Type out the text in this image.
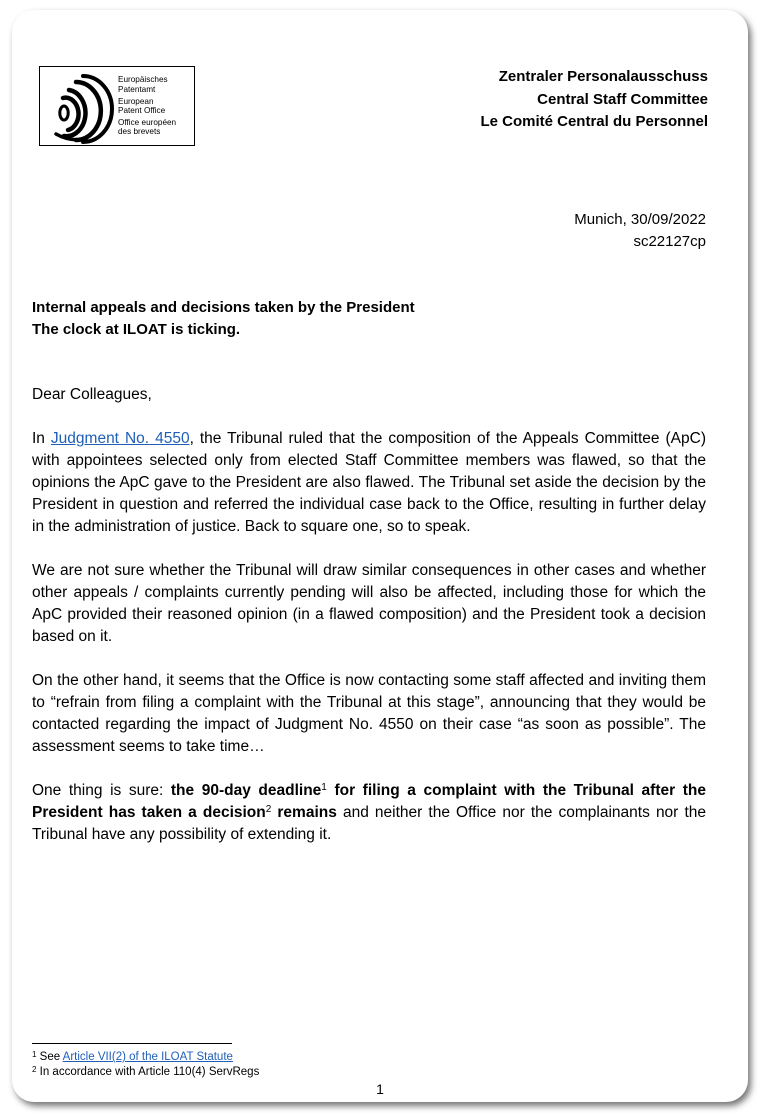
Europäisches
Patentamt
European
Patent Office
Office européen
des brevets
Zentraler Personalausschuss
Central Staff Committee
Le Comité Central du Personnel
Munich, 30/09/2022
sc22127cp
Internal appeals and decisions taken by the President
The clock at ILOAT is ticking.

Dear Colleagues,

In Judgment No. 4550, the Tribunal ruled that the composition of the Appeals Committee (ApC) with appointees selected only from elected Staff Committee members was flawed, so that the opinions the ApC gave to the President are also flawed. The Tribunal set aside the decision by the President in question and referred the individual case back to the Office, resulting in further delay in the administration of justice. Back to square one, so to speak.

We are not sure whether the Tribunal will draw similar consequences in other cases and whether other appeals / complaints currently pending will also be affected, including those for which the ApC provided their reasoned opinion (in a flawed composition) and the President took a decision based on it.

On the other hand, it seems that the Office is now contacting some staff affected and inviting them to “refrain from filing a complaint with the Tribunal at this stage”, announcing that they would be contacted regarding the impact of Judgment No. 4550 on their case “as soon as possible”. The assessment seems to take time…

One thing is sure: the 90-day deadline$^1$ for filing a complaint with the Tribunal after the President has taken a decision$^2$ remains and neither the Office nor the complainants nor the Tribunal have any possibility of extending it.

$^1$ See Article VII(2) of the ILOAT Statute
$^2$ In accordance with Article 110(4) ServRegs
1
